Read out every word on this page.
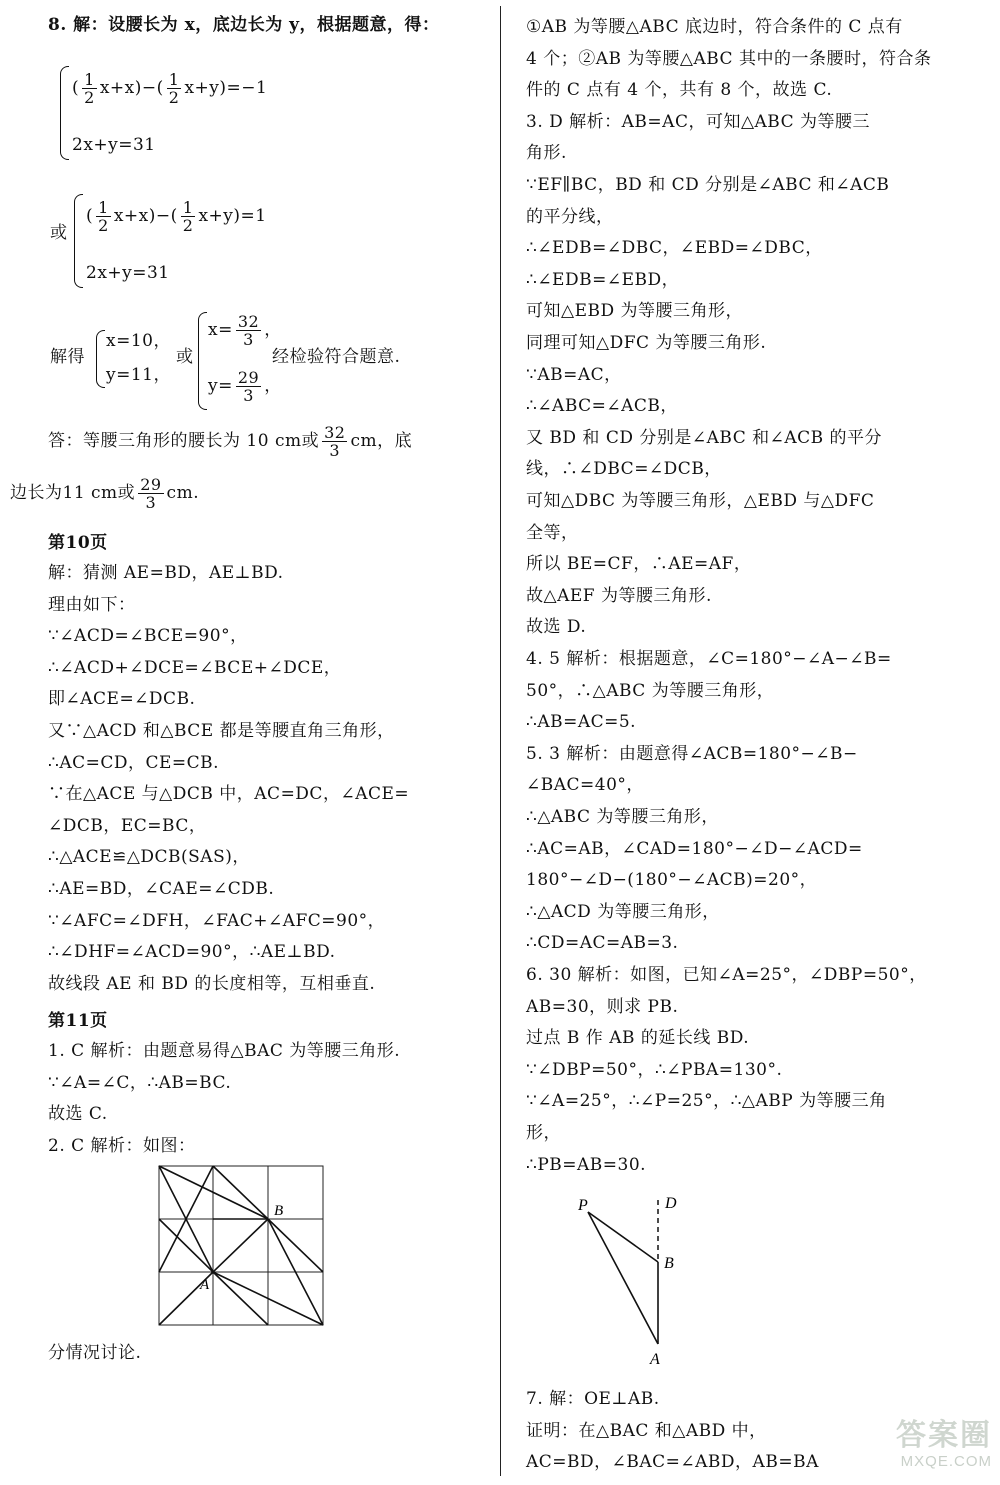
8. 解：设腰长为 x，底边长为 y，根据题意，得：
( $\frac{1}{2} x+x)-( \frac{1}{2} x+y)=-1$
2x+y=31
或
( $\frac{1}{2} x+x)-( \frac{1}{2} x+y)=1$
2x+y=31
解得
x=10，
y=11，
或
$x= \frac{32}{3}$ ，
$y= \frac{29}{3}$ ，
经检验符合题意.
答：等腰三角形的腰长为 10 cm或 $\frac{32}{3}$ cm，底
边长为11 cm或 $\frac{29}{3}$ cm.
第10页
解：猜测 AE=BD，AE⊥BD.
理由如下：
∵∠ACD=∠BCE=90°，
∴∠ACD+∠DCE=∠BCE+∠DCE，
即∠ACE=∠DCB.
又∵△ACD 和△BCE 都是等腰直角三角形，
∴AC=CD，CE=CB.
∵在△ACE 与△DCB 中，AC=DC，∠ACE=
∠DCB，EC=BC，
∴△ACE≌△DCB(SAS)，
∴AE=BD，∠CAE=∠CDB.
∵∠AFC=∠DFH，∠FAC+∠AFC=90°，
∴∠DHF=∠ACD=90°，∴AE⊥BD.
故线段 AE 和 BD 的长度相等，互相垂直.
第11页
1. C 解析：由题意易得△BAC 为等腰三角形.
∵∠A=∠C，∴AB=BC.
故选 C.
2. C 解析：如图：
B
A
分情况讨论.
①AB 为等腰△ABC 底边时，符合条件的 C 点有
4 个；②AB 为等腰△ABC 其中的一条腰时，符合条
件的 C 点有 4 个，共有 8 个，故选 C.
3. D 解析：AB=AC，可知△ABC 为等腰三
角形.
∵EF∥BC，BD 和 CD 分别是∠ABC 和∠ACB
的平分线，
∴∠EDB=∠DBC，∠EBD=∠DBC，
∴∠EDB=∠EBD，
可知△EBD 为等腰三角形，
同理可知△DFC 为等腰三角形.
∵AB=AC，
∴∠ABC=∠ACB，
又 BD 和 CD 分别是∠ABC 和∠ACB 的平分
线，∴∠DBC=∠DCB，
可知△DBC 为等腰三角形，△EBD 与△DFC
全等，
所以 BE=CF，∴AE=AF，
故△AEF 为等腰三角形.
故选 D.
4. 5 解析：根据题意，∠C=180°−∠A−∠B=
50°，∴△ABC 为等腰三角形，
∴AB=AC=5.
5. 3 解析：由题意得∠ACB=180°−∠B−
∠BAC=40°，
∴△ABC 为等腰三角形，
∴AC=AB，∠CAD=180°−∠D−∠ACD=
180°−∠D−(180°−∠ACB)=20°，
∴△ACD 为等腰三角形，
∴CD=AC=AB=3.
6. 30 解析：如图，已知∠A=25°，∠DBP=50°，
AB=30，则求 PB.
过点 B 作 AB 的延长线 BD.
∵∠DBP=50°，∴∠PBA=130°.
∵∠A=25°，∴∠P=25°，∴△ABP 为等腰三角
形，
∴PB=AB=30.
P	D
B
A
7. 解：OE⊥AB.
证明：在△BAC 和△ABD 中，
AC=BD，∠BAC=∠ABD，AB=BA
答案圈
MXQE.COM
